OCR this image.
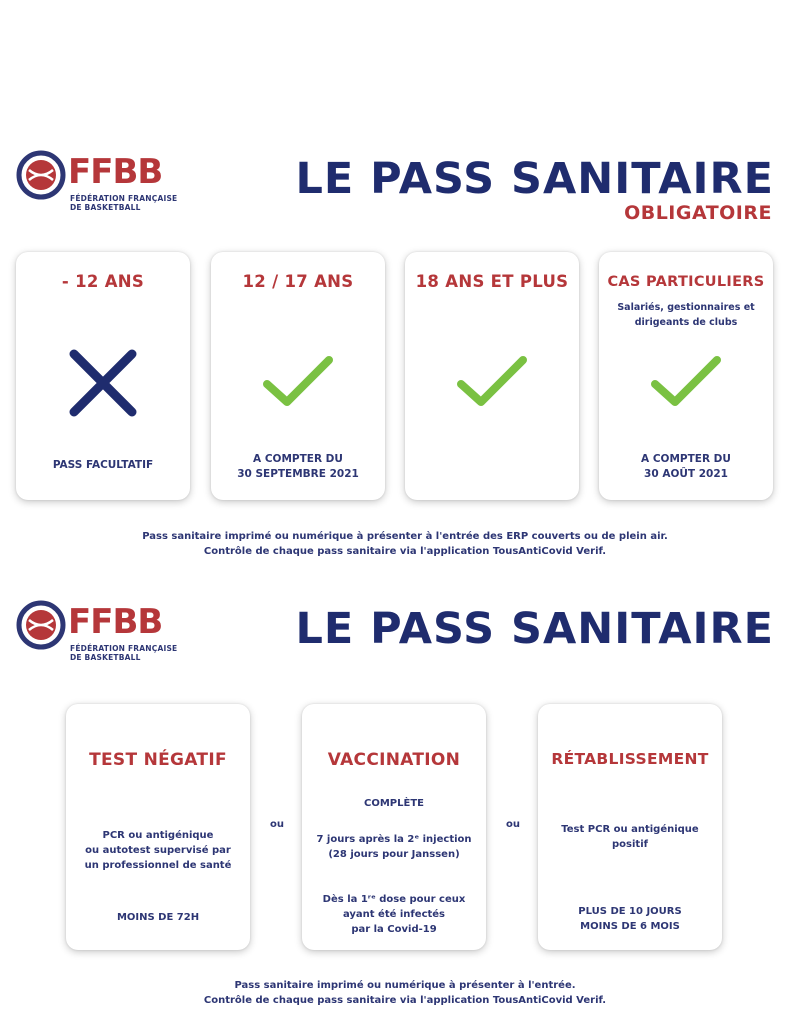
FFBB
FÉDÉRATION FRANÇAISE
DE BASKETBALL
LE PASS SANITAIRE
OBLIGATOIRE
- 12 ANS
PASS FACULTATIF
12 / 17 ANS
A COMPTER DU
30 SEPTEMBRE 2021
18 ANS ET PLUS	CAS PARTICULIERS
Salariés, gestionnaires et
dirigeants de clubs
A COMPTER DU
30 AOÛT 2021
Pass sanitaire imprimé ou numérique à présenter à l'entrée des ERP couverts ou de plein air.
Contrôle de chaque pass sanitaire via l'application TousAntiCovid Verif.
FFBB
FÉDÉRATION FRANÇAISE
DE BASKETBALL
LE PASS SANITAIRE
TEST NÉGATIF
PCR ou antigénique
ou autotest supervisé par
un professionnel de santé
MOINS DE 72H
ou
VACCINATION
COMPLÈTE
7 jours après la 2ᵉ injection
(28 jours pour Janssen)
Dès la 1ʳᵉ dose pour ceux
ayant été infectés
par la Covid-19
ou
RÉTABLISSEMENT
Test PCR ou antigénique
positif
PLUS DE 10 JOURS
MOINS DE 6 MOIS
Pass sanitaire imprimé ou numérique à présenter à l'entrée.
Contrôle de chaque pass sanitaire via l'application TousAntiCovid Verif.
